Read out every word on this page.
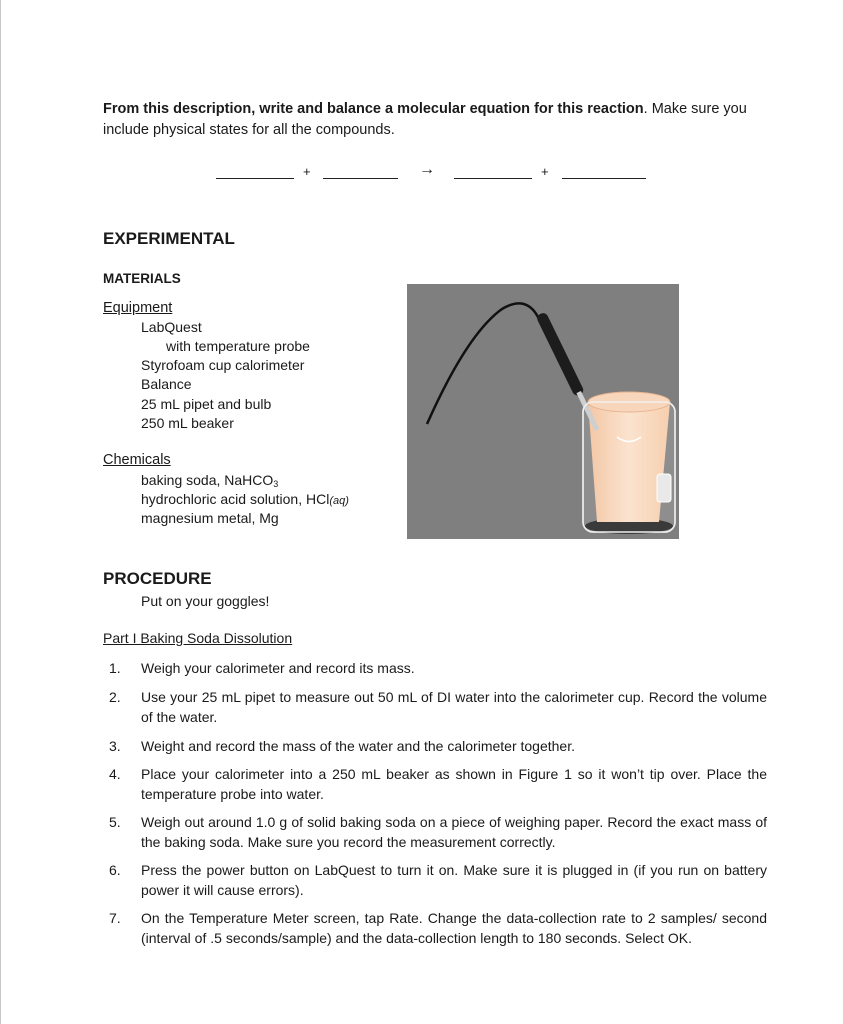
From this description, write and balance a molecular equation for this reaction. Make sure you include physical states for all the compounds.
+	→	+
EXPERIMENTAL
MATERIALS
Equipment
LabQuest
with temperature probe
Styrofoam cup calorimeter
Balance
25 mL pipet and bulb
250 mL beaker
Chemicals
baking soda, NaHCO$_3$
hydrochloric acid solution, HCl(aq)
magnesium metal, Mg
PROCEDURE
Put on your goggles!
Part I Baking Soda Dissolution
1. Weigh your calorimeter and record its mass.
2. Use your 25 mL pipet to measure out 50 mL of DI water into the calorimeter cup. Record the volume of the water.
3. Weight and record the mass of the water and the calorimeter together.
4. Place your calorimeter into a 250 mL beaker as shown in Figure 1 so it won’t tip over. Place the temperature probe into water.
5. Weigh out around 1.0 g of solid baking soda on a piece of weighing paper. Record the exact mass of the baking soda. Make sure you record the measurement correctly.
6. Press the power button on LabQuest to turn it on. Make sure it is plugged in (if you run on battery power it will cause errors).
7. On the Temperature Meter screen, tap Rate. Change the data-collection rate to 2 samples/ second (interval of .5 seconds/sample) and the data-collection length to 180 seconds. Select OK.
